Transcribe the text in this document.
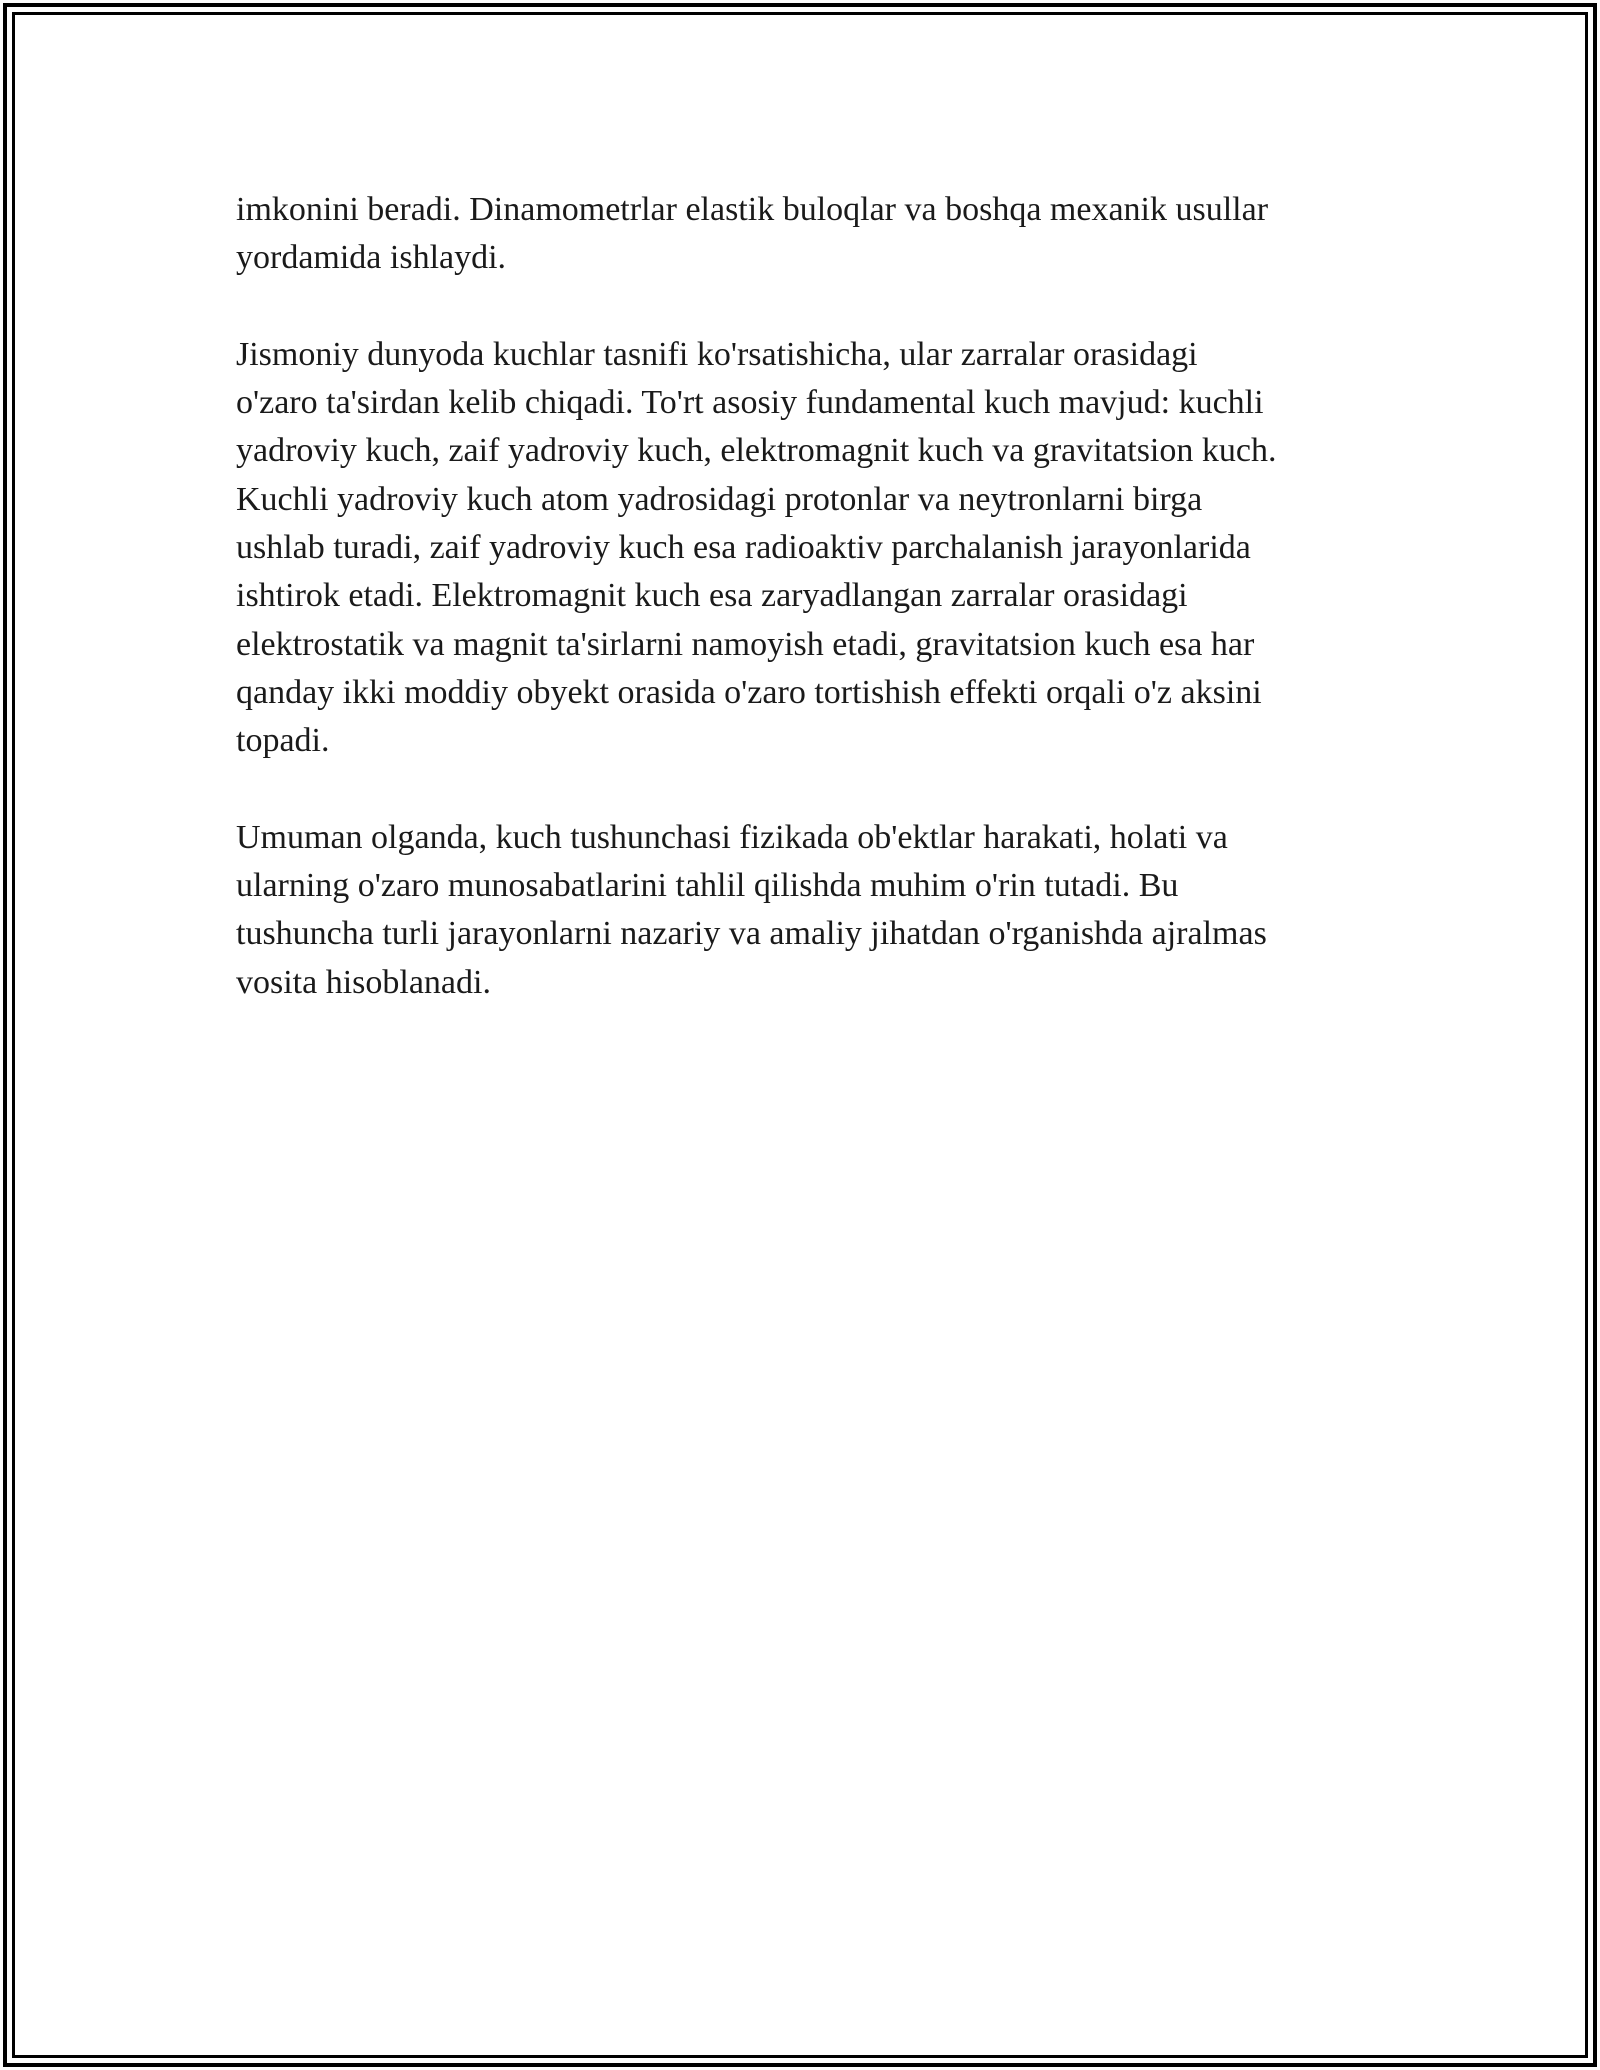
imkonini beradi. Dinamometrlar elastik buloqlar va boshqa mexanik usullar
yordamida ishlaydi.

Jismoniy dunyoda kuchlar tasnifi ko'rsatishicha, ular zarralar orasidagi
o'zaro ta'sirdan kelib chiqadi. To'rt asosiy fundamental kuch mavjud: kuchli
yadroviy kuch, zaif yadroviy kuch, elektromagnit kuch va gravitatsion kuch.
Kuchli yadroviy kuch atom yadrosidagi protonlar va neytronlarni birga
ushlab turadi, zaif yadroviy kuch esa radioaktiv parchalanish jarayonlarida
ishtirok etadi. Elektromagnit kuch esa zaryadlangan zarralar orasidagi
elektrostatik va magnit ta'sirlarni namoyish etadi, gravitatsion kuch esa har
qanday ikki moddiy obyekt orasida o'zaro tortishish effekti orqali o'z aksini
topadi.

Umuman olganda, kuch tushunchasi fizikada ob'ektlar harakati, holati va
ularning o'zaro munosabatlarini tahlil qilishda muhim o'rin tutadi. Bu
tushuncha turli jarayonlarni nazariy va amaliy jihatdan o'rganishda ajralmas
vosita hisoblanadi.
